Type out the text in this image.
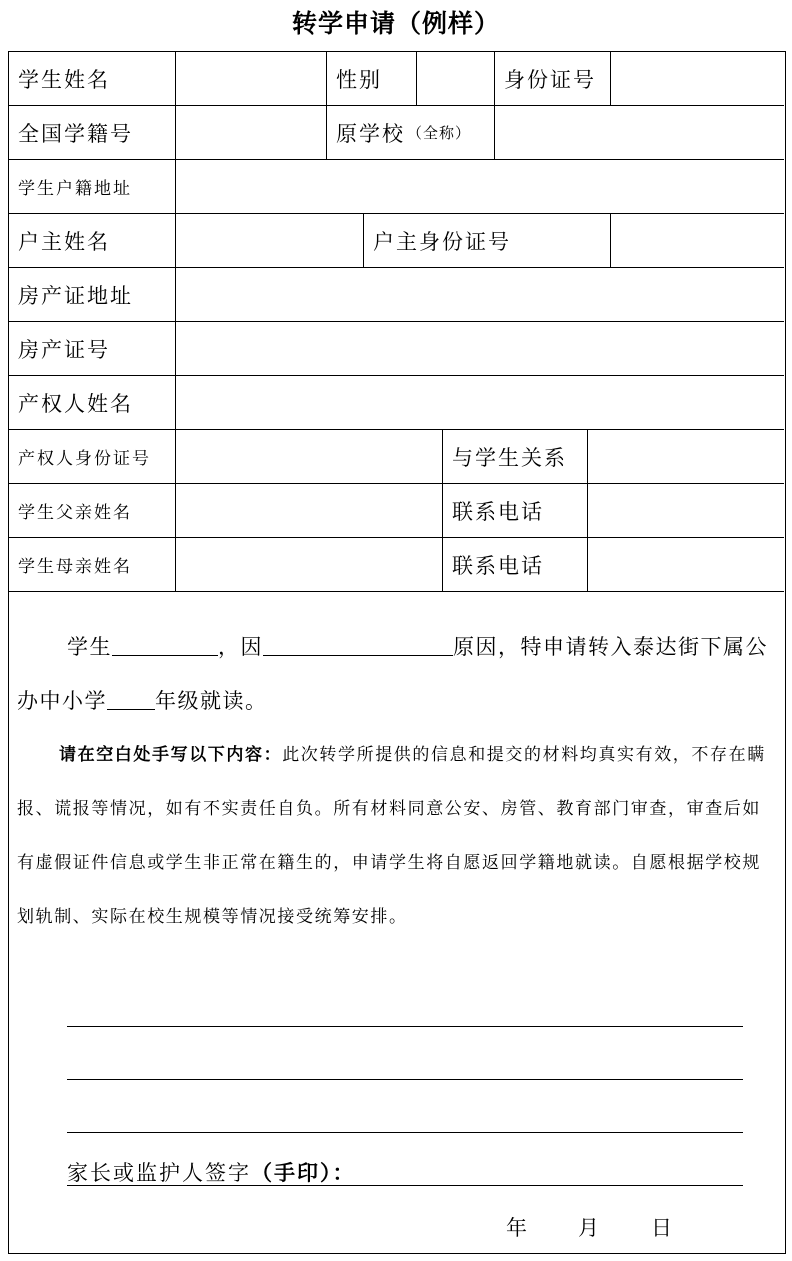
转学申请（例样）
学生姓名	性别	身份证号
全国学籍号	原学校 （全称）
学生户籍地址
户主姓名	户主身份证号
房产证地址
房产证号
产权人姓名
产权人身份证号	与学生关系
学生父亲姓名	联系电话
学生母亲姓名	联系电话
学生	，因	原因，特申请转入泰达街下属公办中小学 年级就读。
请在空白处手写以下内容：此次转学所提供的信息和提交的材料均真实有效，不存在瞒报、谎报等情况，如有不实责任自负。所有材料同意公安、房管、教育部门审查，审查后如有虚假证件信息或学生非正常在籍生的，申请学生将自愿返回学籍地就读。自愿根据学校规划轨制、实际在校生规模等情况接受统筹安排。
家长或监护人签字（手印）：
年 月 日
